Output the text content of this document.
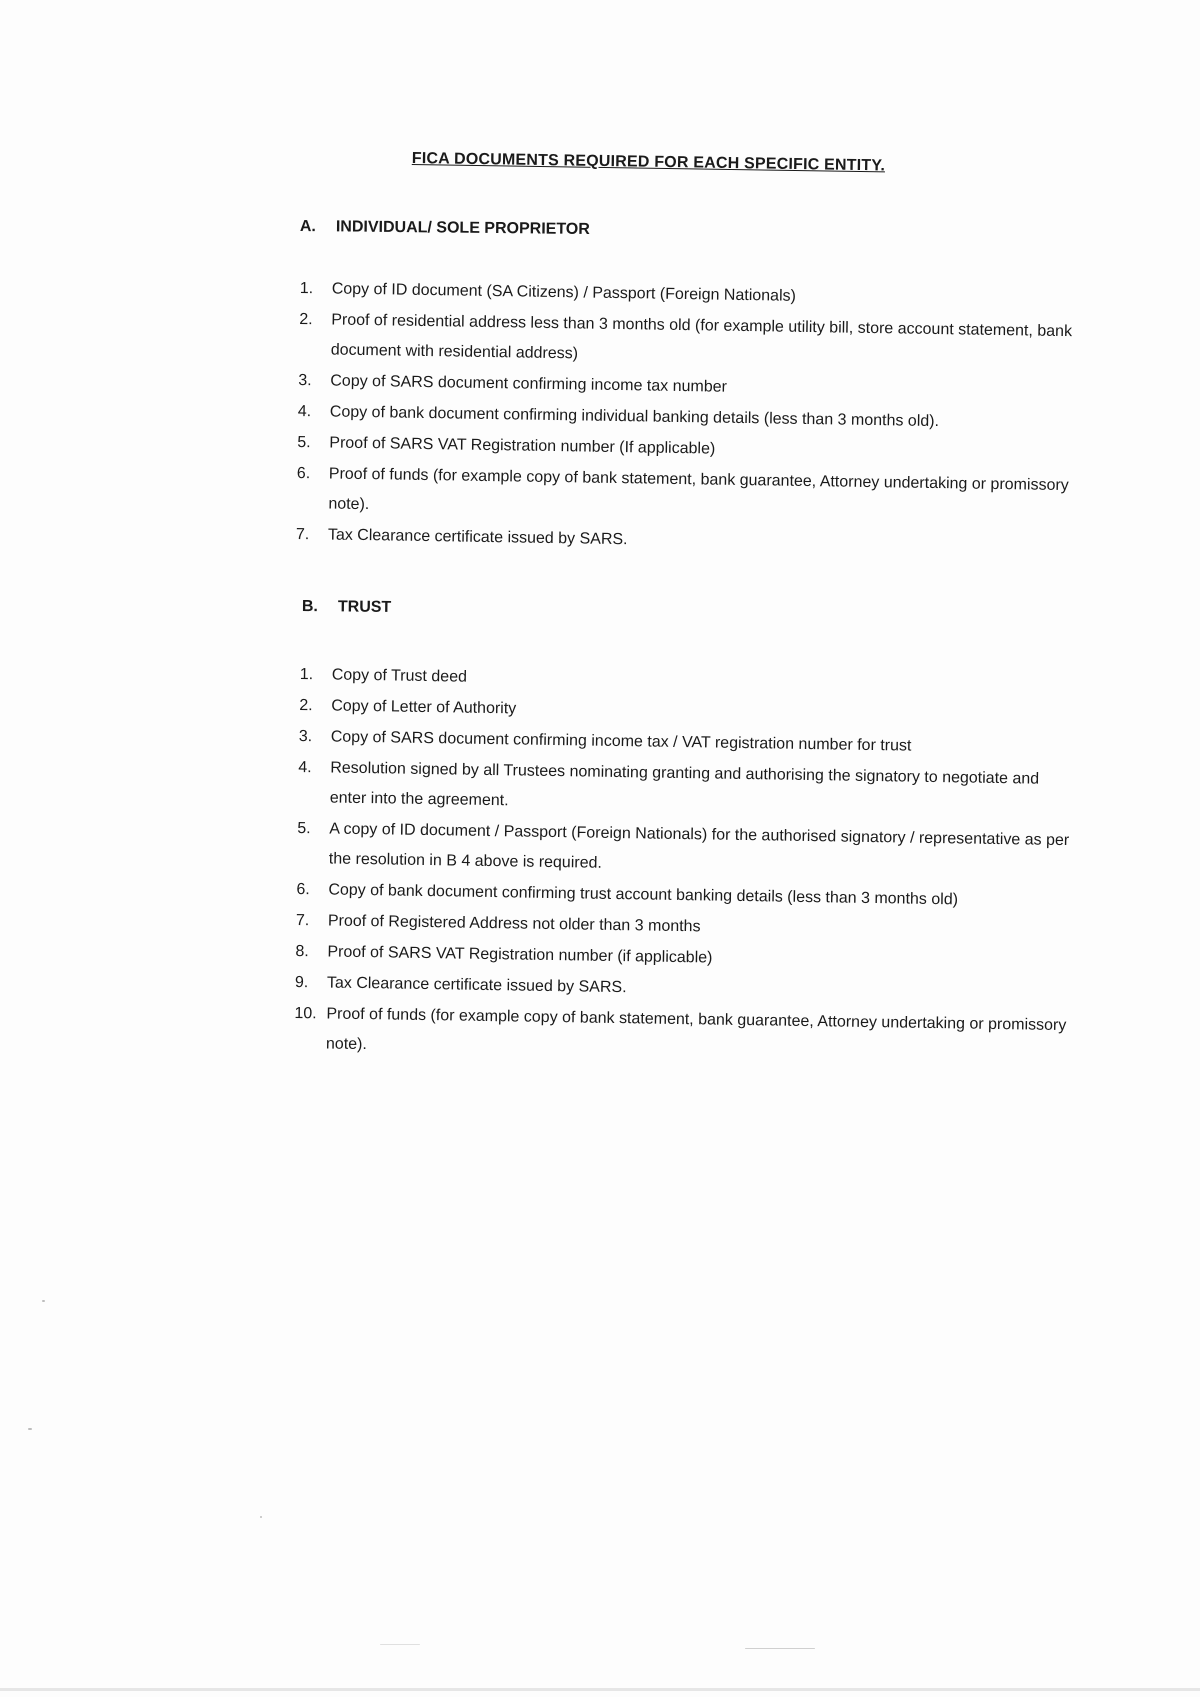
FICA DOCUMENTS REQUIRED FOR EACH SPECIFIC ENTITY.
A. INDIVIDUAL/ SOLE PROPRIETOR
1.	Copy of ID document (SA Citizens) / Passport (Foreign Nationals)
2.	Proof of residential address less than 3 months old (for example utility bill, store account statement, bank document with residential address)
3.	Copy of SARS document confirming income tax number
4.	Copy of bank document confirming individual banking details (less than 3 months old).
5.	Proof of SARS VAT Registration number (If applicable)
6.	Proof of funds (for example copy of bank statement, bank guarantee, Attorney undertaking or promissory note).
7.	Tax Clearance certificate issued by SARS.
B. TRUST
1.	Copy of Trust deed
2.	Copy of Letter of Authority
3.	Copy of SARS document confirming income tax / VAT registration number for trust
4.	Resolution signed by all Trustees nominating granting and authorising the signatory to negotiate and enter into the agreement.
5.	A copy of ID document / Passport (Foreign Nationals) for the authorised signatory / representative as per the resolution in B 4 above is required.
6.	Copy of bank document confirming trust account banking details (less than 3 months old)
7.	Proof of Registered Address not older than 3 months
8.	Proof of SARS VAT Registration number (if applicable)
9.	Tax Clearance certificate issued by SARS.
10. Proof of funds (for example copy of bank statement, bank guarantee, Attorney undertaking or promissory note).
